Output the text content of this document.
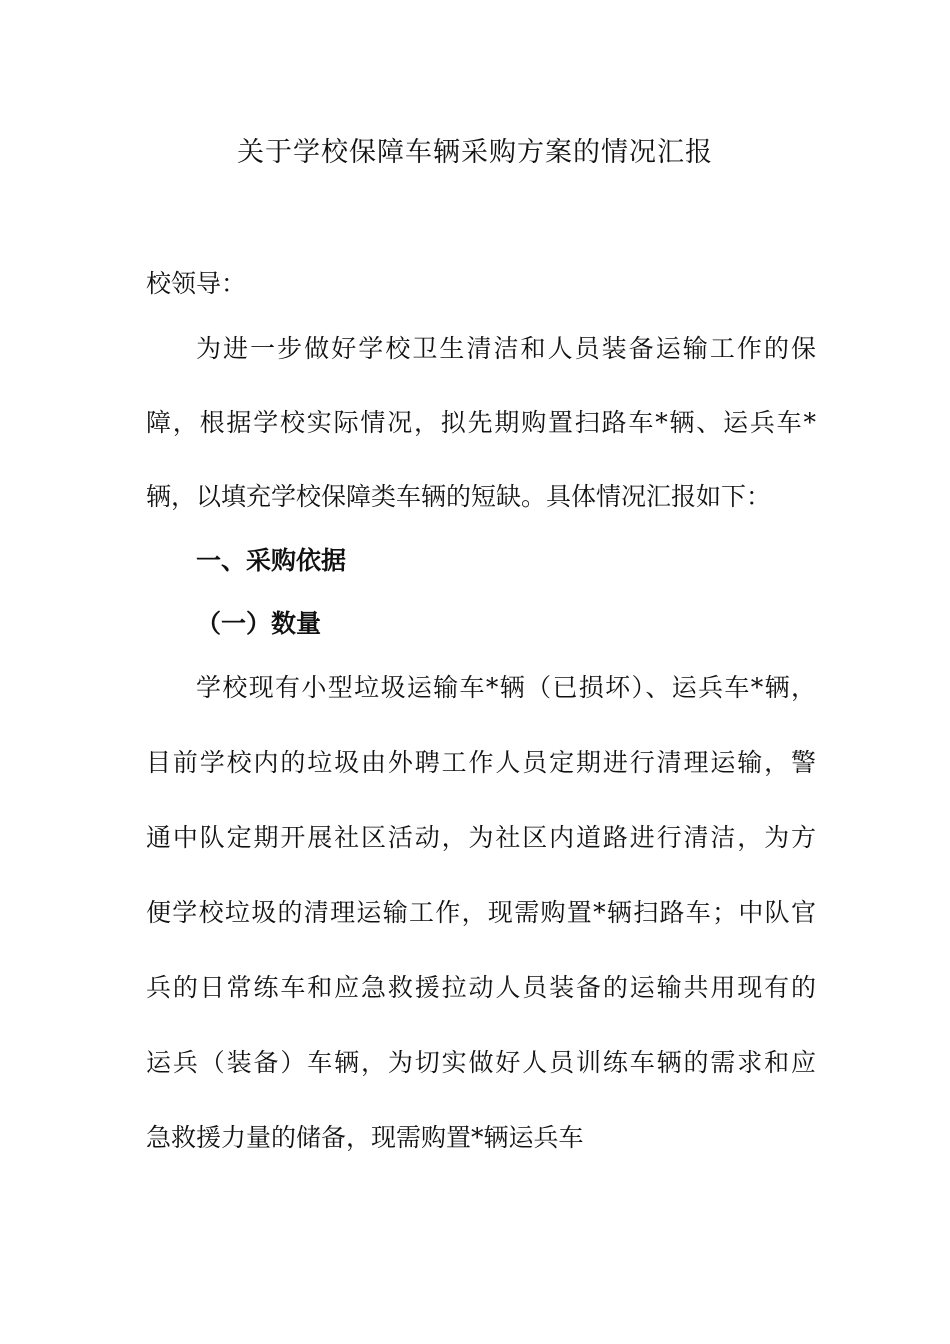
关于学校保障车辆采购方案的情况汇报

校领导：

为进一步做好学校卫生清洁和人员装备运输工作的保

障，根据学校实际情况，拟先期购置扫路车*辆、运兵车*

辆，以填充学校保障类车辆的短缺。具体情况汇报如下：

一、采购依据

（一）数量

学校现有小型垃圾运输车*辆（已损坏）、运兵车*辆，

目前学校内的垃圾由外聘工作人员定期进行清理运输，警

通中队定期开展社区活动，为社区内道路进行清洁，为方

便学校垃圾的清理运输工作，现需购置*辆扫路车；中队官

兵的日常练车和应急救援拉动人员装备的运输共用现有的

运兵（装备）车辆，为切实做好人员训练车辆的需求和应

急救援力量的储备，现需购置*辆运兵车
